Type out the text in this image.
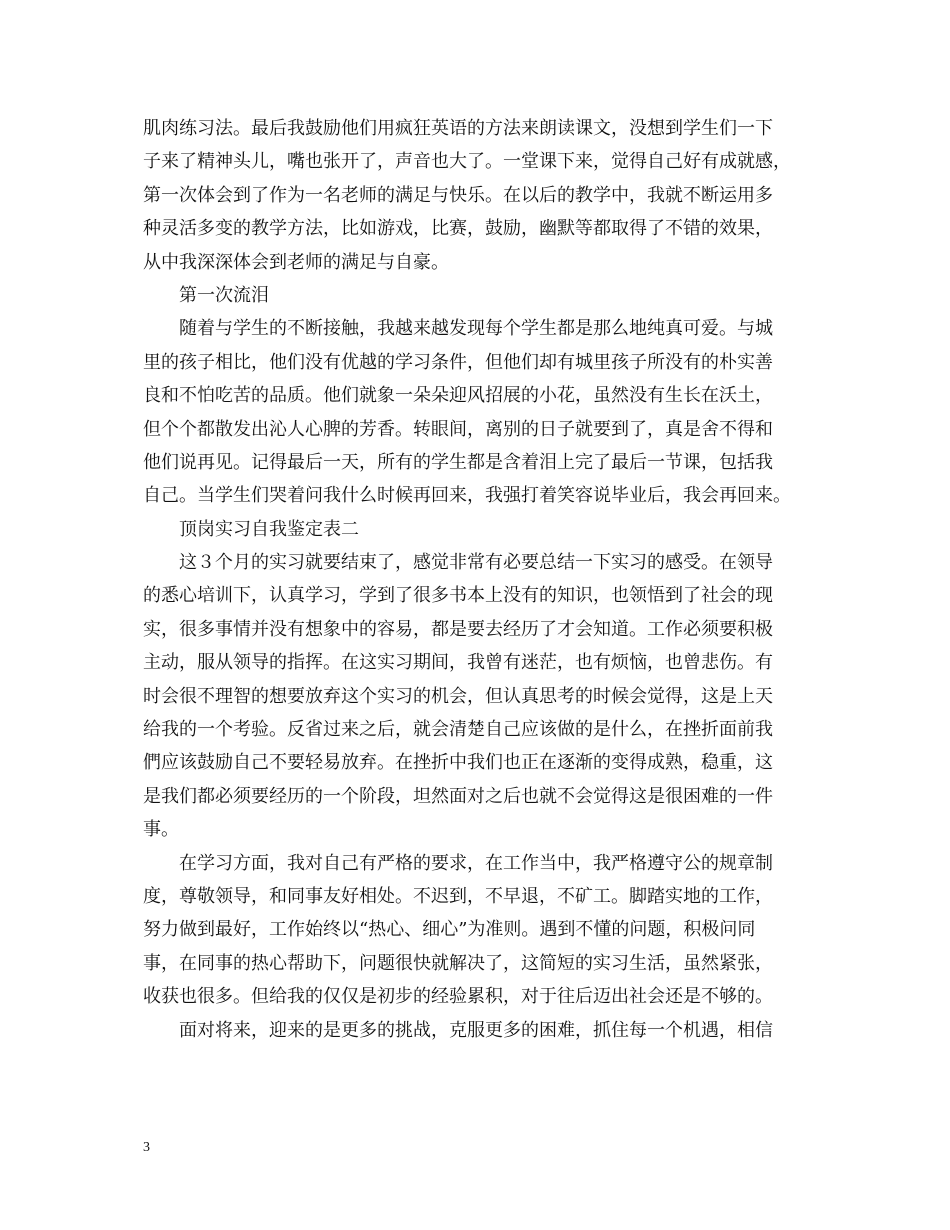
肌肉练习法。最后我鼓励他们用疯狂英语的方法来朗读课文，没想到学生们一下
子来了精神头儿，嘴也张开了，声音也大了。一堂课下来，觉得自己好有成就感，
第一次体会到了作为一名老师的满足与快乐。在以后的教学中，我就不断运用多
种灵活多变的教学方法，比如游戏，比赛，鼓励，幽默等都取得了不错的效果，
从中我深深体会到老师的满足与自豪。
第一次流泪
随着与学生的不断接触，我越来越发现每个学生都是那么地纯真可爱。与城
里的孩子相比，他们没有优越的学习条件，但他们却有城里孩子所没有的朴实善
良和不怕吃苦的品质。他们就象一朵朵迎风招展的小花，虽然没有生长在沃土，
但个个都散发出沁人心脾的芳香。转眼间，离别的日子就要到了，真是舍不得和
他们说再见。记得最后一天，所有的学生都是含着泪上完了最后一节课，包括我
自己。当学生们哭着问我什么时候再回来，我强打着笑容说毕业后，我会再回来。
顶岗实习自我鉴定表二
这３个月的实习就要结束了，感觉非常有必要总结一下实习的感受。在领导
的悉心培训下，认真学习，学到了很多书本上没有的知识，也领悟到了社会的现
实，很多事情并没有想象中的容易，都是要去经历了才会知道。工作必须要积极
主动，服从领导的指挥。在这实习期间，我曾有迷茫，也有烦恼，也曾悲伤。有
时会很不理智的想要放弃这个实习的机会，但认真思考的时候会觉得，这是上天
给我的一个考验。反省过来之后，就会清楚自己应该做的是什么，在挫折面前我
們应该鼓励自己不要轻易放弃。在挫折中我们也正在逐渐的变得成熟，稳重，这
是我们都必须要经历的一个阶段，坦然面对之后也就不会觉得这是很困难的一件
事。
在学习方面，我对自己有严格的要求，在工作当中，我严格遵守公的规章制
度，尊敬领导，和同事友好相处。不迟到，不早退，不矿工。脚踏实地的工作，
努力做到最好，工作始终以“热心、细心”为准则。遇到不懂的问题，积极问同
事，在同事的热心帮助下，问题很快就解决了，这简短的实习生活，虽然紧张，
收获也很多。但给我的仅仅是初步的经验累积，对于往后迈出社会还是不够的。
面对将来，迎来的是更多的挑战，克服更多的困难，抓住每一个机遇，相信
3
